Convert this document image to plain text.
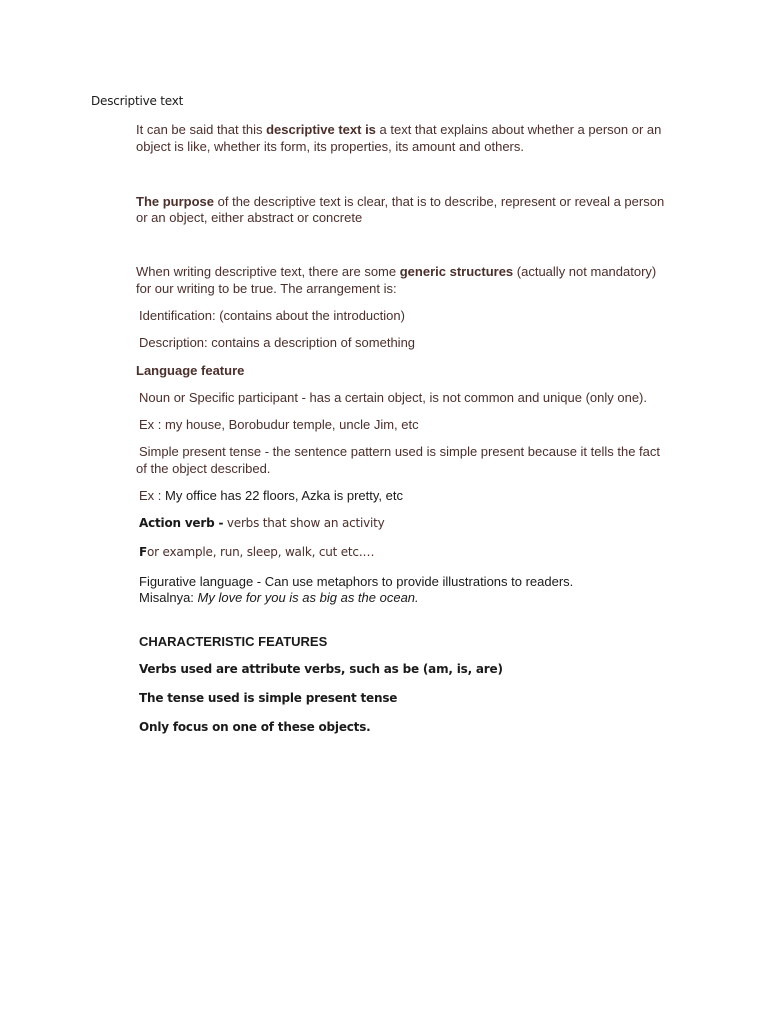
Descriptive text
It can be said that this descriptive text is a text that explains about whether a person or an
object is like, whether its form, its properties, its amount and others.
The purpose of the descriptive text is clear, that is to describe, represent or reveal a person
or an object, either abstract or concrete
When writing descriptive text, there are some generic structures (actually not mandatory)
for our writing to be true. The arrangement is:
Identification: (contains about the introduction)
Description: contains a description of something
Language feature
Noun or Specific participant - has a certain object, is not common and unique (only one).
Ex : my house, Borobudur temple, uncle Jim, etc
Simple present tense - the sentence pattern used is simple present because it tells the fact
of the object described.
Ex : My office has 22 floors, Azka is pretty, etc
Action verb - verbs that show an activity
For example, run, sleep, walk, cut etc.…
Figurative language - Can use metaphors to provide illustrations to readers.
Misalnya: My love for you is as big as the ocean.
CHARACTERISTIC FEATURES
Verbs used are attribute verbs, such as be (am, is, are)
The tense used is simple present tense
Only focus on one of these objects.
